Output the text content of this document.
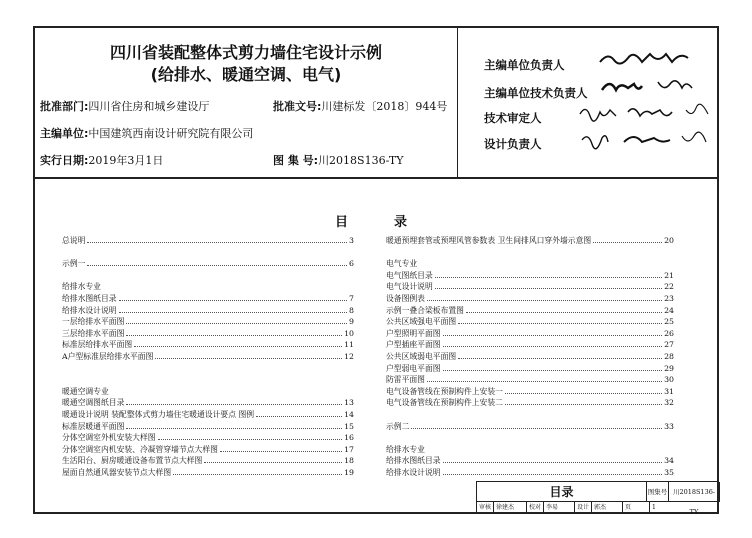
四川省装配整体式剪力墙住宅设计示例
(给排水、暖通空调、电气)
批准部门:四川省住房和城乡建设厅	批准文号:川建标发〔2018〕944号
主编单位:中国建筑西南设计研究院有限公司
实行日期:2019年3月1日	图 集 号:川2018S136-TY
主编单位负责人
主编单位技术负责人
技术审定人
设计负责人
目	录
总说明	3
示例一	6
给排水专业
给排水图纸目录	7
给排水设计说明	8
一层给排水平面图	9
三层给排水平面图	10
标准层给排水平面图	11
A户型标准层给排水平面图	12
暖通空调专业
暖通空调图纸目录	13
暖通设计说明 装配整体式剪力墙住宅暖通设计要点 图例	14
标准层暖通平面图	15
分体空调室外机安装大样图	16
分体空调室内机安装、冷凝管穿墙节点大样图	17
生活阳台、厨房暖通设备布置节点大样图	18
屋面自然通风器安装节点大样图	19
暖通预埋套管或预埋风管参数表 卫生间排风口穿外墙示意图	20
电气专业
电气图纸目录	21
电气设计说明	22
设备图例表	23
示例一叠合梁板布置图	24
公共区域强电平面图	25
户型照明平面图	26
户型插座平面图	27
公共区域弱电平面图	28
户型弱电平面图	29
防雷平面图	30
电气设备管线在预制构件上安装一	31
电气设备管线在预制构件上安装二	32
示例二	33
给排水专业
给排水图纸目录	34
给排水设计说明	35
目录	图集号 川2018S136-TY
审核 徐建杰	校对 李易	设计 郭杰	页	1
